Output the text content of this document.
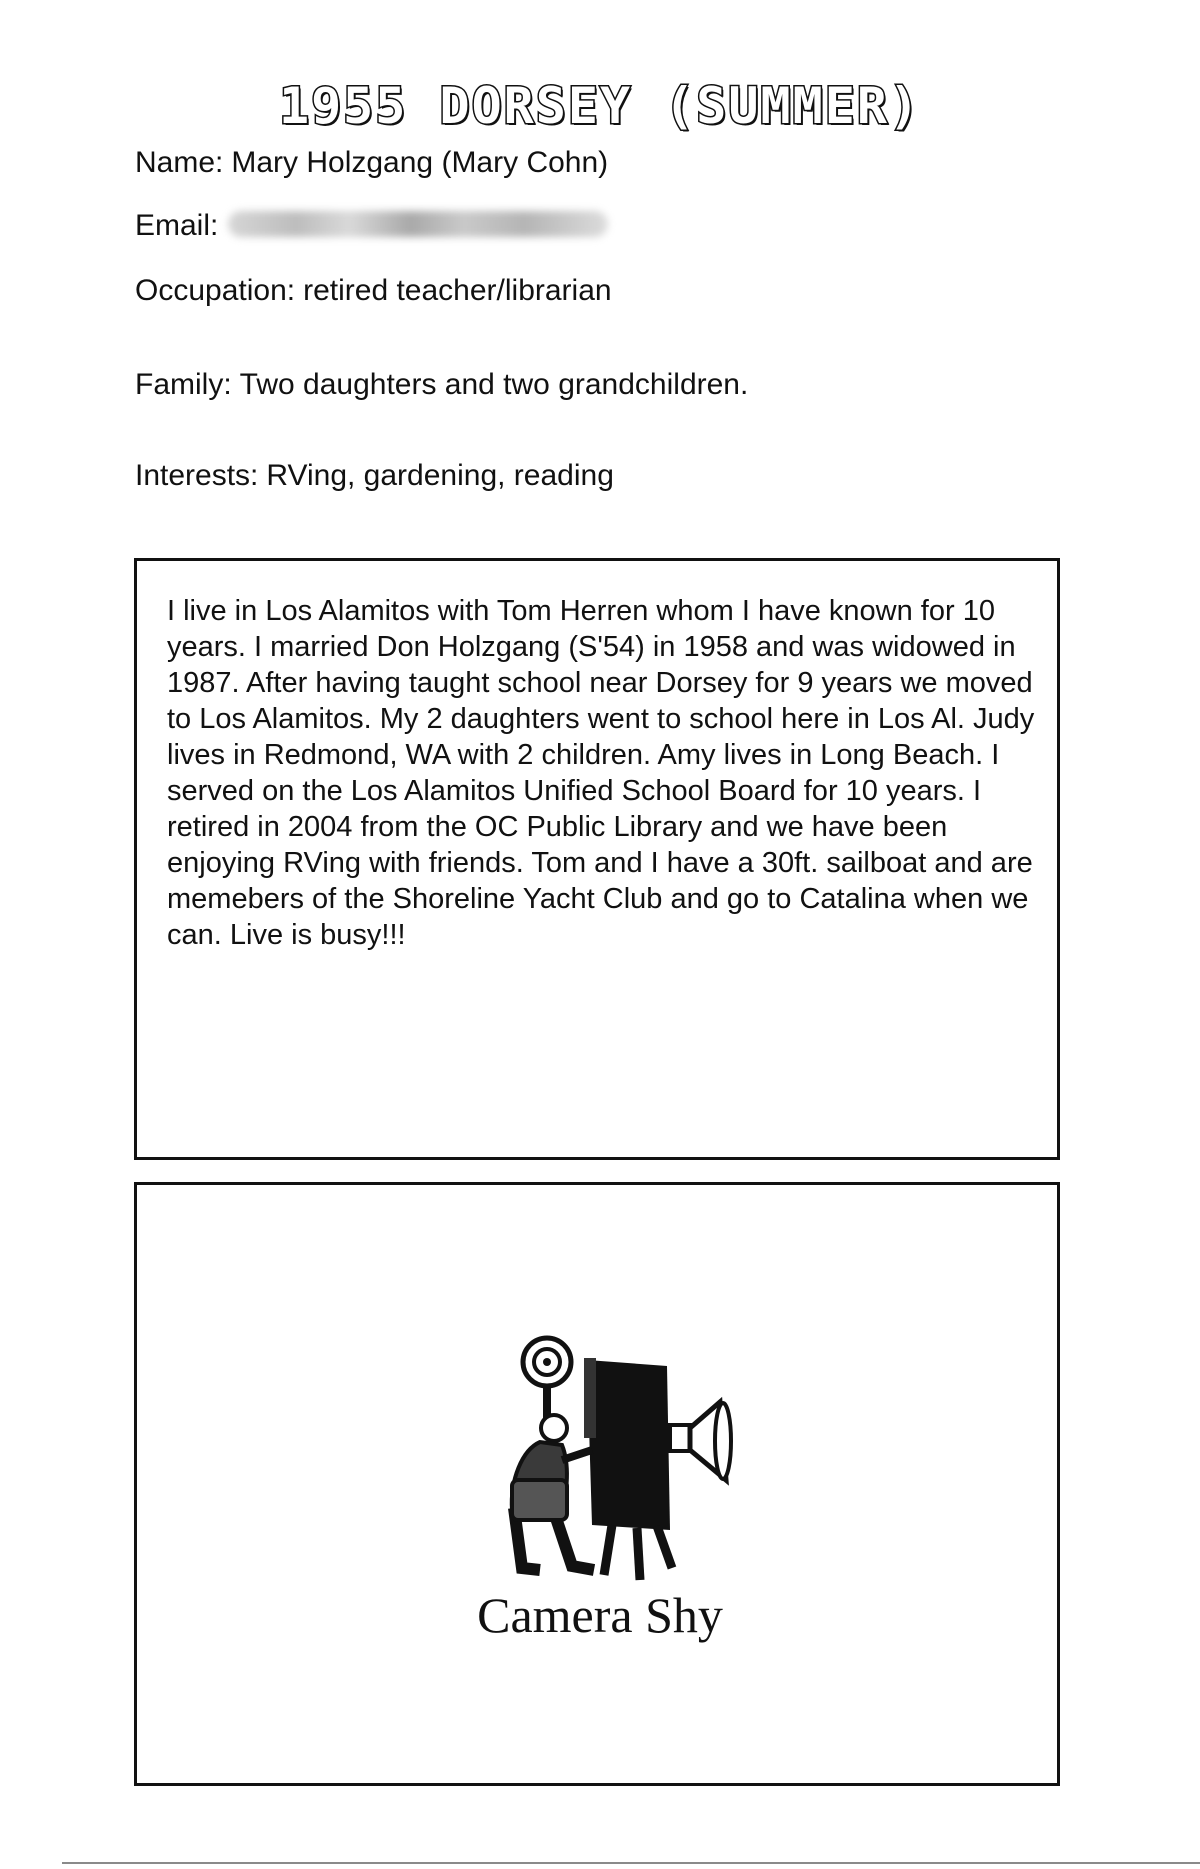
1955 DORSEY (SUMMER)
Name: Mary Holzgang (Mary Cohn)
Email:
Occupation: retired teacher/librarian
Family: Two daughters and two grandchildren.
Interests: RVing, gardening, reading
I live in Los Alamitos with Tom Herren whom I have known for 10 years. I married Don Holzgang (S'54) in 1958 and was widowed in 1987. After having taught school near Dorsey for 9 years we moved to Los Alamitos. My 2 daughters went to school here in Los Al. Judy lives in Redmond, WA with 2 children. Amy lives in Long Beach. I served on the Los Alamitos Unified School Board for 10 years. I retired in 2004 from the OC Public Library and we have been enjoying RVing with friends. Tom and I have a 30ft. sailboat and are memebers of the Shoreline Yacht Club and go to Catalina when we can. Live is busy!!!
Camera Shy
